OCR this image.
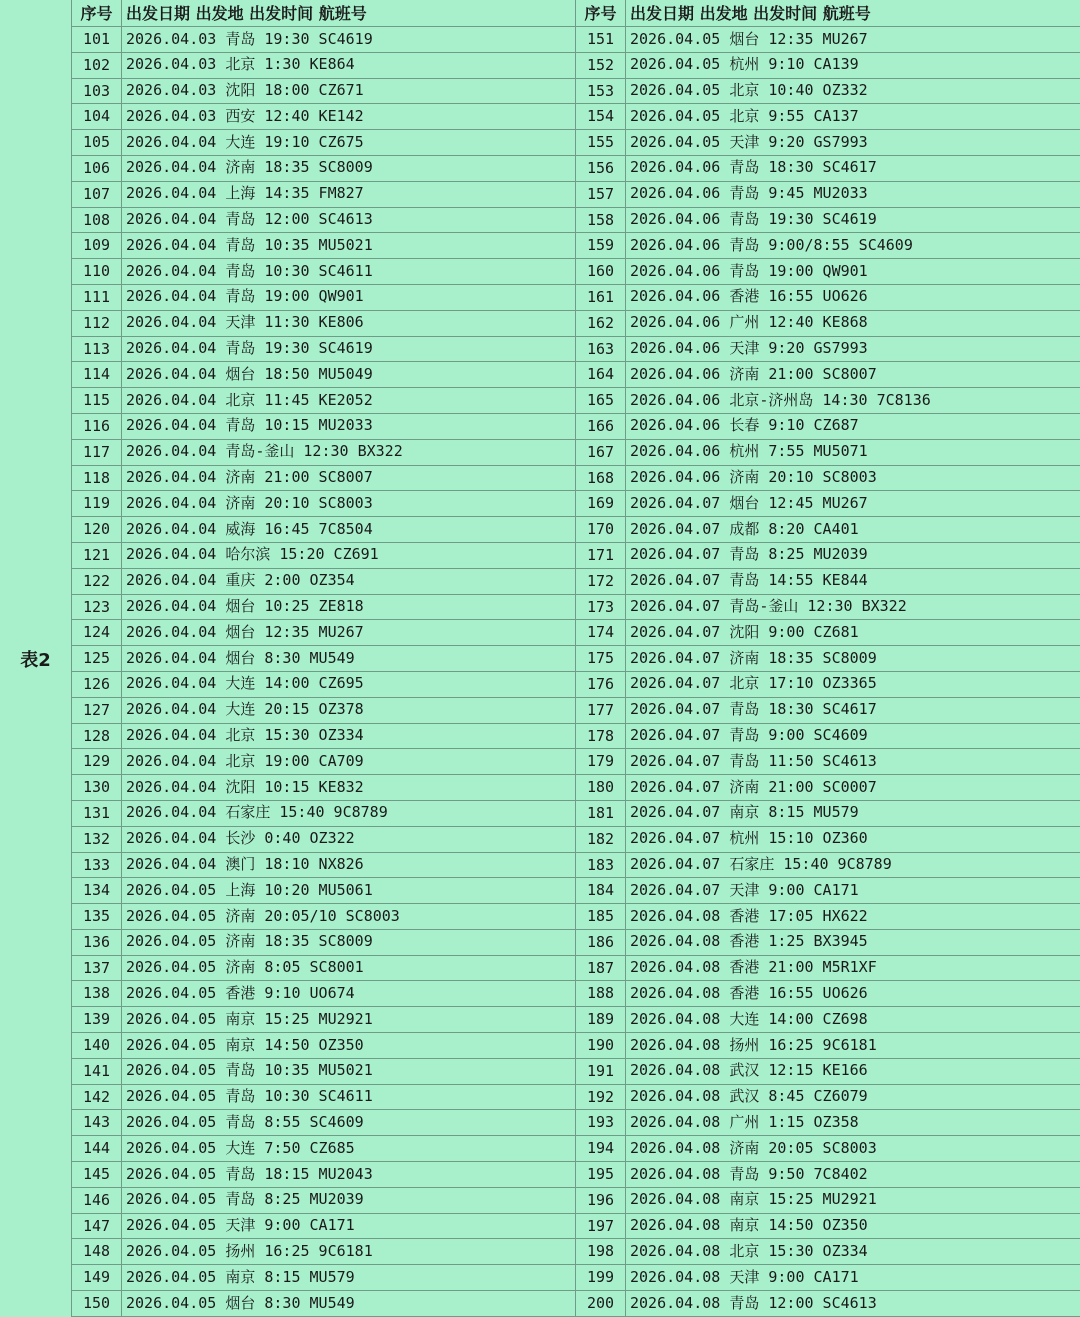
表2
序号 出发日期 出发地 出发时间 航班号
101	2026.04.03 青岛 19:30 SC4619
102	2026.04.03 北京 1:30 KE864
103	2026.04.03 沈阳 18:00 CZ671
104	2026.04.03 西安 12:40 KE142
105	2026.04.04 大连 19:10 CZ675
106	2026.04.04 济南 18:35 SC8009
107	2026.04.04 上海 14:35 FM827
108	2026.04.04 青岛 12:00 SC4613
109	2026.04.04 青岛 10:35 MU5021
110	2026.04.04 青岛 10:30 SC4611
111	2026.04.04 青岛 19:00 QW901
112	2026.04.04 天津 11:30 KE806
113	2026.04.04 青岛 19:30 SC4619
114	2026.04.04 烟台 18:50 MU5049
115	2026.04.04 北京 11:45 KE2052
116	2026.04.04 青岛 10:15 MU2033
117	2026.04.04 青岛-釜山 12:30 BX322
118	2026.04.04 济南 21:00 SC8007
119	2026.04.04 济南 20:10 SC8003
120	2026.04.04 威海 16:45 7C8504
121	2026.04.04 哈尔滨 15:20 CZ691
122	2026.04.04 重庆 2:00 OZ354
123	2026.04.04 烟台 10:25 ZE818
124	2026.04.04 烟台 12:35 MU267
125	2026.04.04 烟台 8:30 MU549
126	2026.04.04 大连 14:00 CZ695
127	2026.04.04 大连 20:15 OZ378
128	2026.04.04 北京 15:30 OZ334
129	2026.04.04 北京 19:00 CA709
130	2026.04.04 沈阳 10:15 KE832
131	2026.04.04 石家庄 15:40 9C8789
132	2026.04.04 长沙 0:40 OZ322
133	2026.04.04 澳门 18:10 NX826
134	2026.04.05 上海 10:20 MU5061
135	2026.04.05 济南 20:05/10 SC8003
136	2026.04.05 济南 18:35 SC8009
137	2026.04.05 济南 8:05 SC8001
138	2026.04.05 香港 9:10 UO674
139	2026.04.05 南京 15:25 MU2921
140	2026.04.05 南京 14:50 OZ350
141	2026.04.05 青岛 10:35 MU5021
142	2026.04.05 青岛 10:30 SC4611
143	2026.04.05 青岛 8:55 SC4609
144	2026.04.05 大连 7:50 CZ685
145	2026.04.05 青岛 18:15 MU2043
146	2026.04.05 青岛 8:25 MU2039
147	2026.04.05 天津 9:00 CA171
148	2026.04.05 扬州 16:25 9C6181
149	2026.04.05 南京 8:15 MU579
150	2026.04.05 烟台 8:30 MU549
序号 出发日期 出发地 出发时间 航班号
151	2026.04.05 烟台 12:35 MU267
152	2026.04.05 杭州 9:10 CA139
153	2026.04.05 北京 10:40 OZ332
154	2026.04.05 北京 9:55 CA137
155	2026.04.05 天津 9:20 GS7993
156	2026.04.06 青岛 18:30 SC4617
157	2026.04.06 青岛 9:45 MU2033
158	2026.04.06 青岛 19:30 SC4619
159	2026.04.06 青岛 9:00/8:55 SC4609
160	2026.04.06 青岛 19:00 QW901
161	2026.04.06 香港 16:55 UO626
162	2026.04.06 广州 12:40 KE868
163	2026.04.06 天津 9:20 GS7993
164	2026.04.06 济南 21:00 SC8007
165	2026.04.06 北京-济州岛 14:30 7C8136
166	2026.04.06 长春 9:10 CZ687
167	2026.04.06 杭州 7:55 MU5071
168	2026.04.06 济南 20:10 SC8003
169	2026.04.07 烟台 12:45 MU267
170	2026.04.07 成都 8:20 CA401
171	2026.04.07 青岛 8:25 MU2039
172	2026.04.07 青岛 14:55 KE844
173	2026.04.07 青岛-釜山 12:30 BX322
174	2026.04.07 沈阳 9:00 CZ681
175	2026.04.07 济南 18:35 SC8009
176	2026.04.07 北京 17:10 OZ3365
177	2026.04.07 青岛 18:30 SC4617
178	2026.04.07 青岛 9:00 SC4609
179	2026.04.07 青岛 11:50 SC4613
180	2026.04.07 济南 21:00 SC0007
181	2026.04.07 南京 8:15 MU579
182	2026.04.07 杭州 15:10 OZ360
183	2026.04.07 石家庄 15:40 9C8789
184	2026.04.07 天津 9:00 CA171
185	2026.04.08 香港 17:05 HX622
186	2026.04.08 香港 1:25 BX3945
187	2026.04.08 香港 21:00 M5R1XF
188	2026.04.08 香港 16:55 UO626
189	2026.04.08 大连 14:00 CZ698
190	2026.04.08 扬州 16:25 9C6181
191	2026.04.08 武汉 12:15 KE166
192	2026.04.08 武汉 8:45 CZ6079
193	2026.04.08 广州 1:15 OZ358
194	2026.04.08 济南 20:05 SC8003
195	2026.04.08 青岛 9:50 7C8402
196	2026.04.08 南京 15:25 MU2921
197	2026.04.08 南京 14:50 OZ350
198	2026.04.08 北京 15:30 OZ334
199	2026.04.08 天津 9:00 CA171
200	2026.04.08 青岛 12:00 SC4613
